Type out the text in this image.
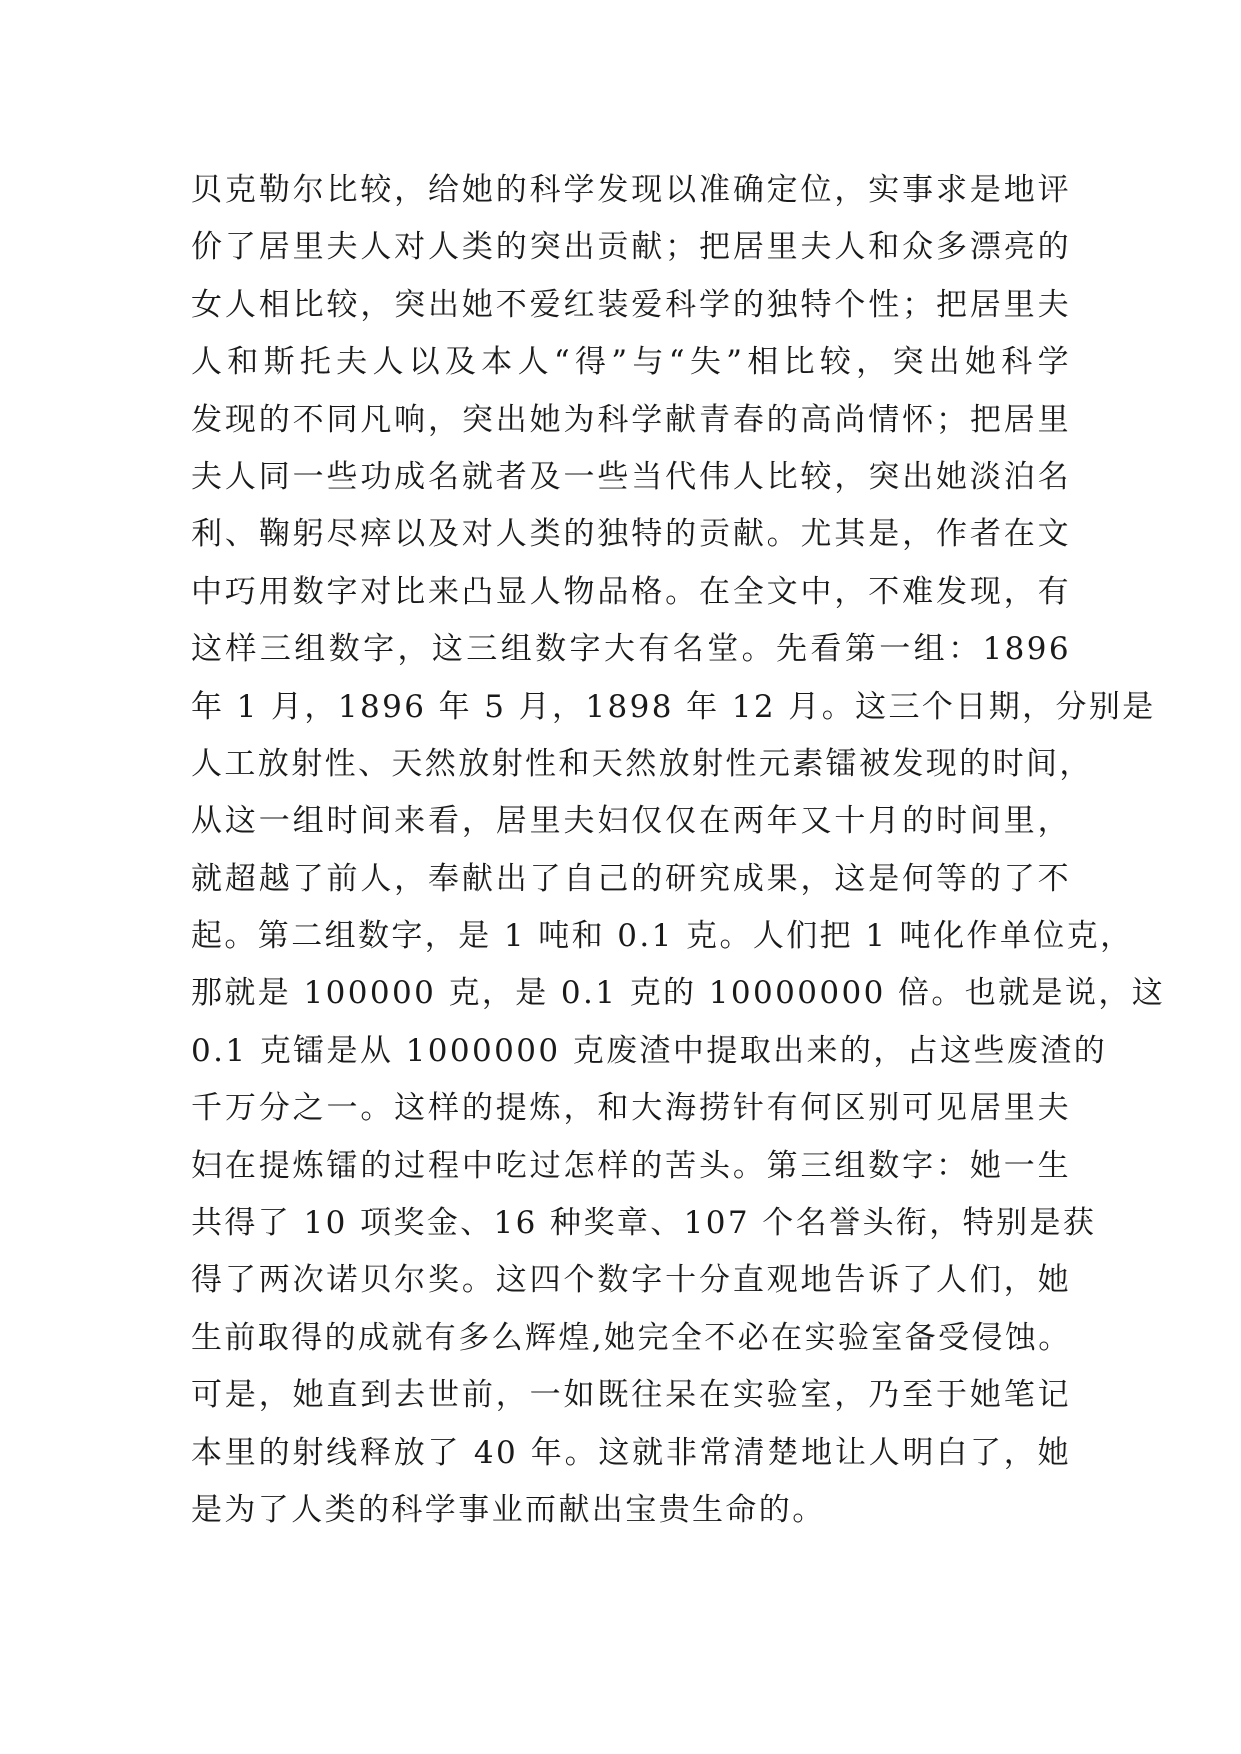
贝克勒尔比较，给她的科学发现以准确定位，实事求是地评
价了居里夫人对人类的突出贡献；把居里夫人和众多漂亮的
女人相比较，突出她不爱红装爱科学的独特个性；把居里夫
人和斯托夫人以及本人“得”与“失”相比较，突出她科学
发现的不同凡响，突出她为科学献青春的高尚情怀；把居里
夫人同一些功成名就者及一些当代伟人比较，突出她淡泊名
利、鞠躬尽瘁以及对人类的独特的贡献。尤其是，作者在文
中巧用数字对比来凸显人物品格。在全文中，不难发现，有
这样三组数字，这三组数字大有名堂。先看第一组：1896
年 1 月，1896 年 5 月，1898 年 12 月。这三个日期，分别是
人工放射性、天然放射性和天然放射性元素镭被发现的时间，
从这一组时间来看，居里夫妇仅仅在两年又十月的时间里，
就超越了前人，奉献出了自己的研究成果，这是何等的了不
起。第二组数字，是 1 吨和 0.1 克。人们把 1 吨化作单位克，
那就是 100000 克，是 0.1 克的 10000000 倍。也就是说，这
0.1 克镭是从 1000000 克废渣中提取出来的，占这些废渣的
千万分之一。这样的提炼，和大海捞针有何区别可见居里夫
妇在提炼镭的过程中吃过怎样的苦头。第三组数字：她一生
共得了 10 项奖金、16 种奖章、107 个名誉头衔，特别是获
得了两次诺贝尔奖。这四个数字十分直观地告诉了人们，她
生前取得的成就有多么辉煌,她完全不必在实验室备受侵蚀。
可是，她直到去世前，一如既往呆在实验室，乃至于她笔记
本里的射线释放了 40 年。这就非常清楚地让人明白了，她
是为了人类的科学事业而献出宝贵生命的。
